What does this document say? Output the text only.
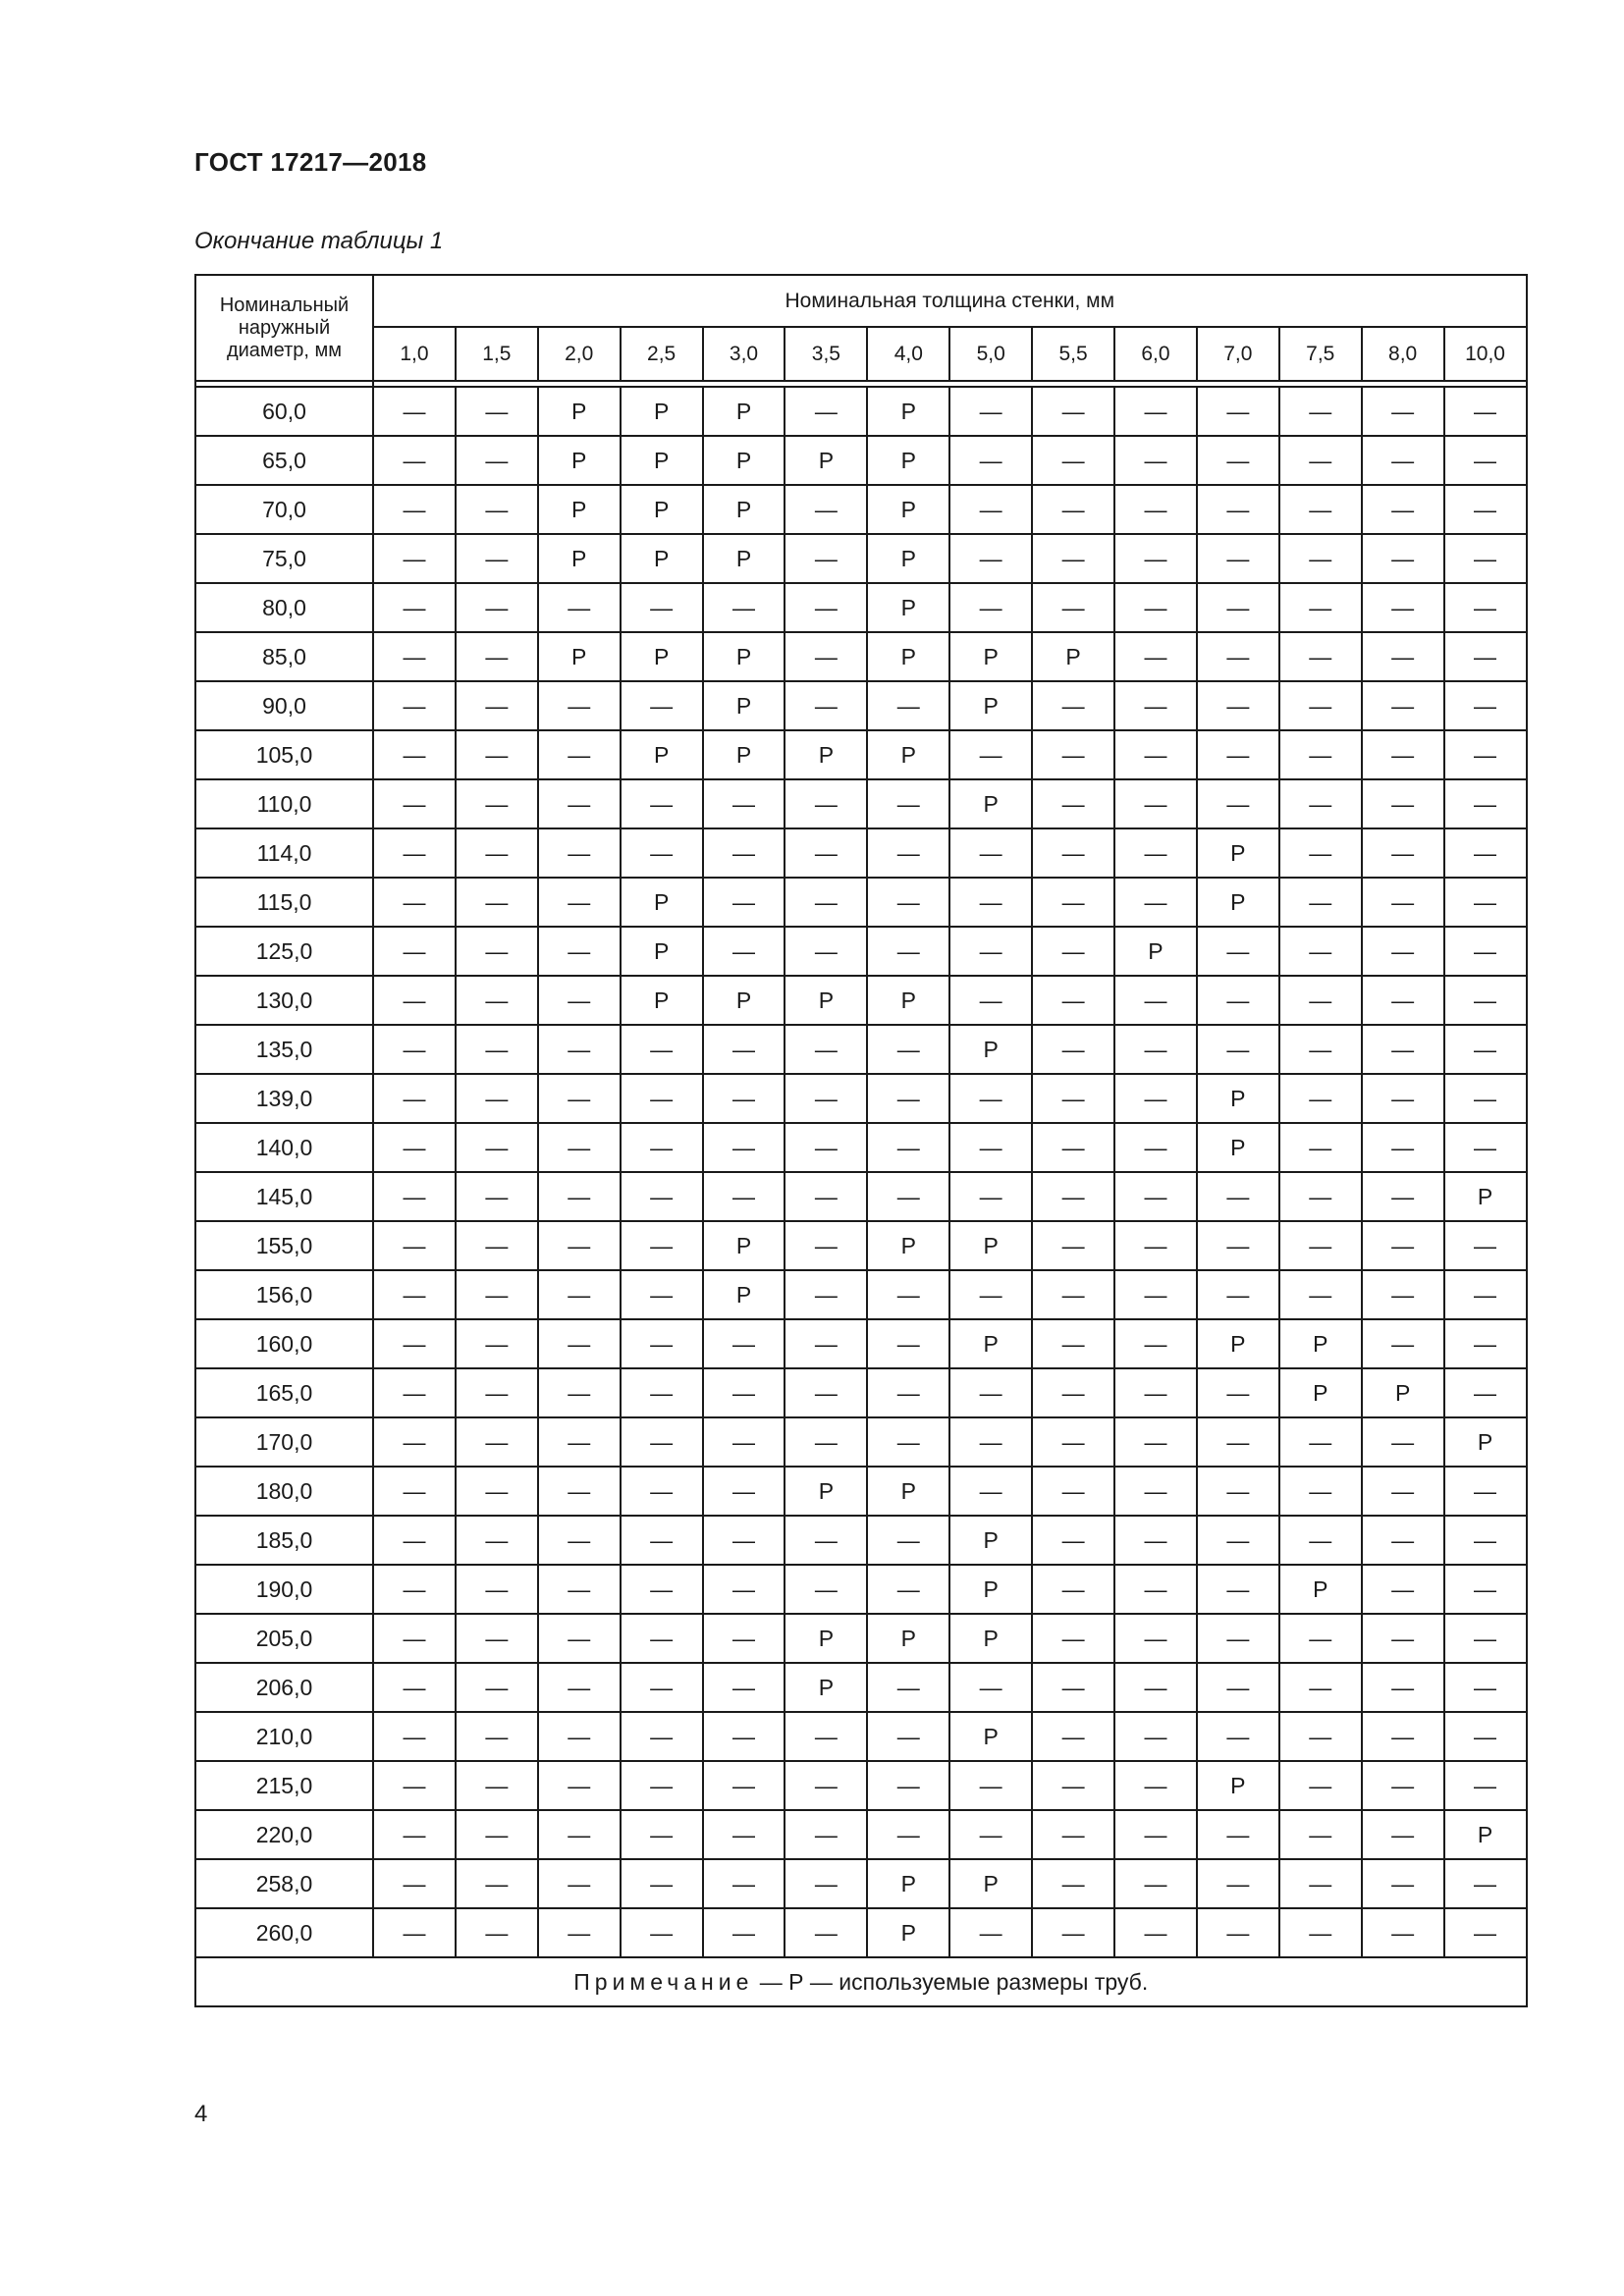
ГОСТ 17217—2018
Окончание таблицы 1
Номинальный наружный диаметр, мм	Номинальная толщина стенки, мм													
	1,0	1,5	2,0	2,5	3,0	3,5	4,0	5,0	5,5	6,0	7,0	7,5	8,0	10,0

60,0	—	—	Р	Р	Р	—	Р	—	—	—	—	—	—	—
65,0	—	—	Р	Р	Р	Р	Р	—	—	—	—	—	—	—
70,0	—	—	Р	Р	Р	—	Р	—	—	—	—	—	—	—
75,0	—	—	Р	Р	Р	—	Р	—	—	—	—	—	—	—
80,0	—	—	—	—	—	—	Р	—	—	—	—	—	—	—
85,0	—	—	Р	Р	Р	—	Р	Р	Р	—	—	—	—	—
90,0	—	—	—	—	Р	—	—	Р	—	—	—	—	—	—
105,0	—	—	—	Р	Р	Р	Р	—	—	—	—	—	—	—
110,0	—	—	—	—	—	—	—	Р	—	—	—	—	—	—
114,0	—	—	—	—	—	—	—	—	—	—	Р	—	—	—
115,0	—	—	—	Р	—	—	—	—	—	—	Р	—	—	—
125,0	—	—	—	Р	—	—	—	—	—	Р	—	—	—	—
130,0	—	—	—	Р	Р	Р	Р	—	—	—	—	—	—	—
135,0	—	—	—	—	—	—	—	Р	—	—	—	—	—	—
139,0	—	—	—	—	—	—	—	—	—	—	Р	—	—	—
140,0	—	—	—	—	—	—	—	—	—	—	Р	—	—	—
145,0	—	—	—	—	—	—	—	—	—	—	—	—	—	Р
155,0	—	—	—	—	Р	—	Р	Р	—	—	—	—	—	—
156,0	—	—	—	—	Р	—	—	—	—	—	—	—	—	—
160,0	—	—	—	—	—	—	—	Р	—	—	Р	Р	—	—
165,0	—	—	—	—	—	—	—	—	—	—	—	Р	Р	—
170,0	—	—	—	—	—	—	—	—	—	—	—	—	—	Р
180,0	—	—	—	—	—	Р	Р	—	—	—	—	—	—	—
185,0	—	—	—	—	—	—	—	Р	—	—	—	—	—	—
190,0	—	—	—	—	—	—	—	Р	—	—	—	Р	—	—
205,0	—	—	—	—	—	Р	Р	Р	—	—	—	—	—	—
206,0	—	—	—	—	—	Р	—	—	—	—	—	—	—	—
210,0	—	—	—	—	—	—	—	Р	—	—	—	—	—	—
215,0	—	—	—	—	—	—	—	—	—	—	Р	—	—	—
220,0	—	—	—	—	—	—	—	—	—	—	—	—	—	Р
258,0	—	—	—	—	—	—	Р	Р	—	—	—	—	—	—
260,0	—	—	—	—	—	—	Р	—	—	—	—	—	—	—
Примечание — Р — используемые размеры труб.														
4
